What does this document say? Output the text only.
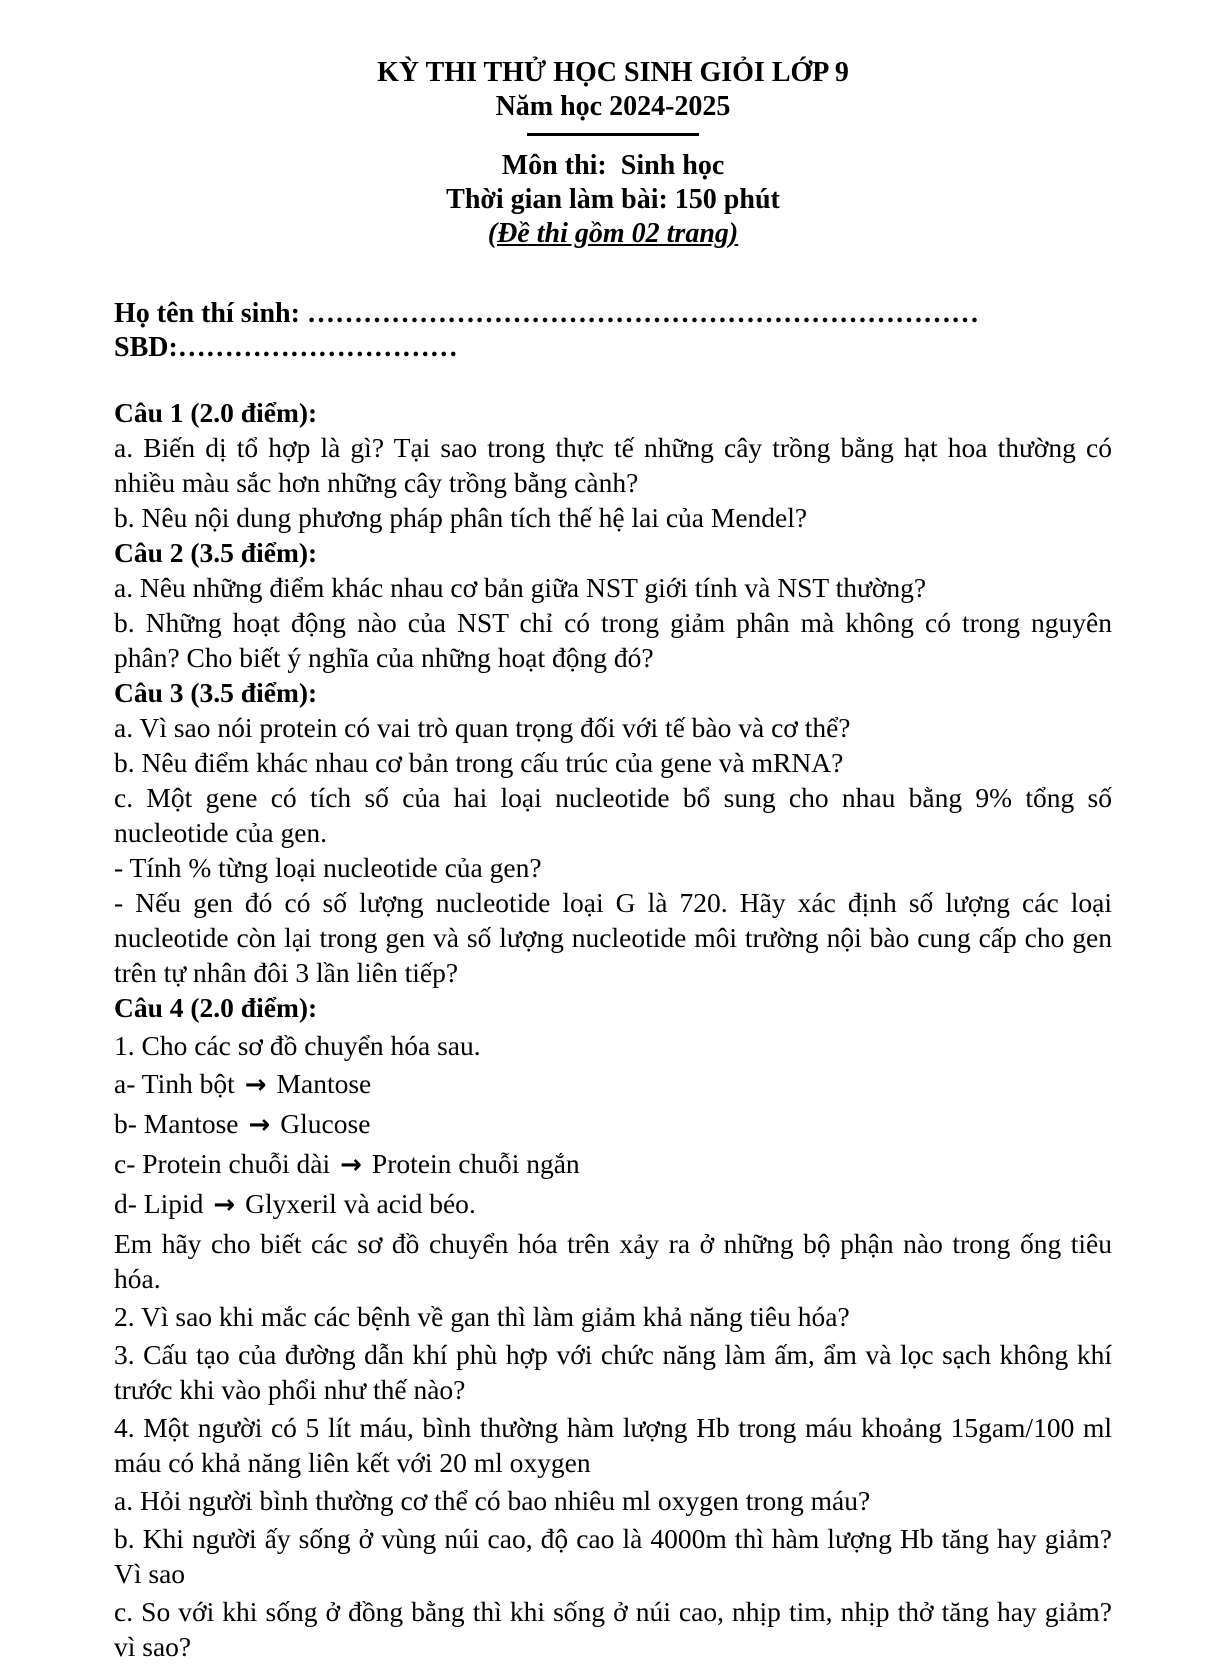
KỲ THI THỬ HỌC SINH GIỎI LỚP 9

Năm học 2024-2025

Môn thi:  Sinh học

Thời gian làm bài: 150 phút

(Đề thi gồm 02 trang)

Họ tên thí sinh: ……………………………………………………………… SBD:…………………………

Câu 1 (2.0 điểm):

a. Biến dị tổ hợp là gì? Tại sao trong thực tế những cây trồng bằng hạt hoa thường có nhiều màu sắc hơn những cây trồng bằng cành?

b. Nêu nội dung phương pháp phân tích thế hệ lai của Mendel?

Câu 2 (3.5 điểm):

a. Nêu những điểm khác nhau cơ bản giữa NST giới tính và NST thường?

b. Những hoạt động nào của NST chỉ có trong giảm phân mà không có trong nguyên phân? Cho biết ý nghĩa của những hoạt động đó?

Câu 3 (3.5 điểm):

a. Vì sao nói protein có vai trò quan trọng đối với tế bào và cơ thể?

b. Nêu điểm khác nhau cơ bản trong cấu trúc của gene và mRNA?

c. Một gene có tích số của hai loại nucleotide bổ sung cho nhau bằng 9% tổng số nucleotide của gen.

- Tính % từng loại nucleotide của gen?

- Nếu gen đó có số lượng nucleotide loại G là 720. Hãy xác định số lượng các loại nucleotide còn lại trong gen và số lượng nucleotide môi trường nội bào cung cấp cho gen trên tự nhân đôi 3 lần liên tiếp?

Câu 4 (2.0 điểm):

1. Cho các sơ đồ chuyển hóa sau.

a- Tinh bột → Mantose

b- Mantose → Glucose

c- Protein chuỗi dài → Protein chuỗi ngắn

d- Lipid → Glyxeril và acid béo.

Em hãy cho biết các sơ đồ chuyển hóa trên xảy ra ở những bộ phận nào trong ống tiêu hóa.

2. Vì sao khi mắc các bệnh về gan thì làm giảm khả năng tiêu hóa?

3. Cấu tạo của đường dẫn khí phù hợp với chức năng làm ấm, ẩm và lọc sạch không khí trước khi vào phổi như thế nào?

4. Một người có 5 lít máu, bình thường hàm lượng Hb trong máu khoảng 15gam/100 ml máu có khả năng liên kết với 20 ml oxygen

a. Hỏi người bình thường cơ thể có bao nhiêu ml oxygen trong máu?

b. Khi người ấy sống ở vùng núi cao, độ cao là 4000m thì hàm lượng Hb tăng hay giảm? Vì sao

c. So với khi sống ở đồng bằng thì khi sống ở núi cao, nhịp tim, nhịp thở tăng hay giảm? vì sao?
